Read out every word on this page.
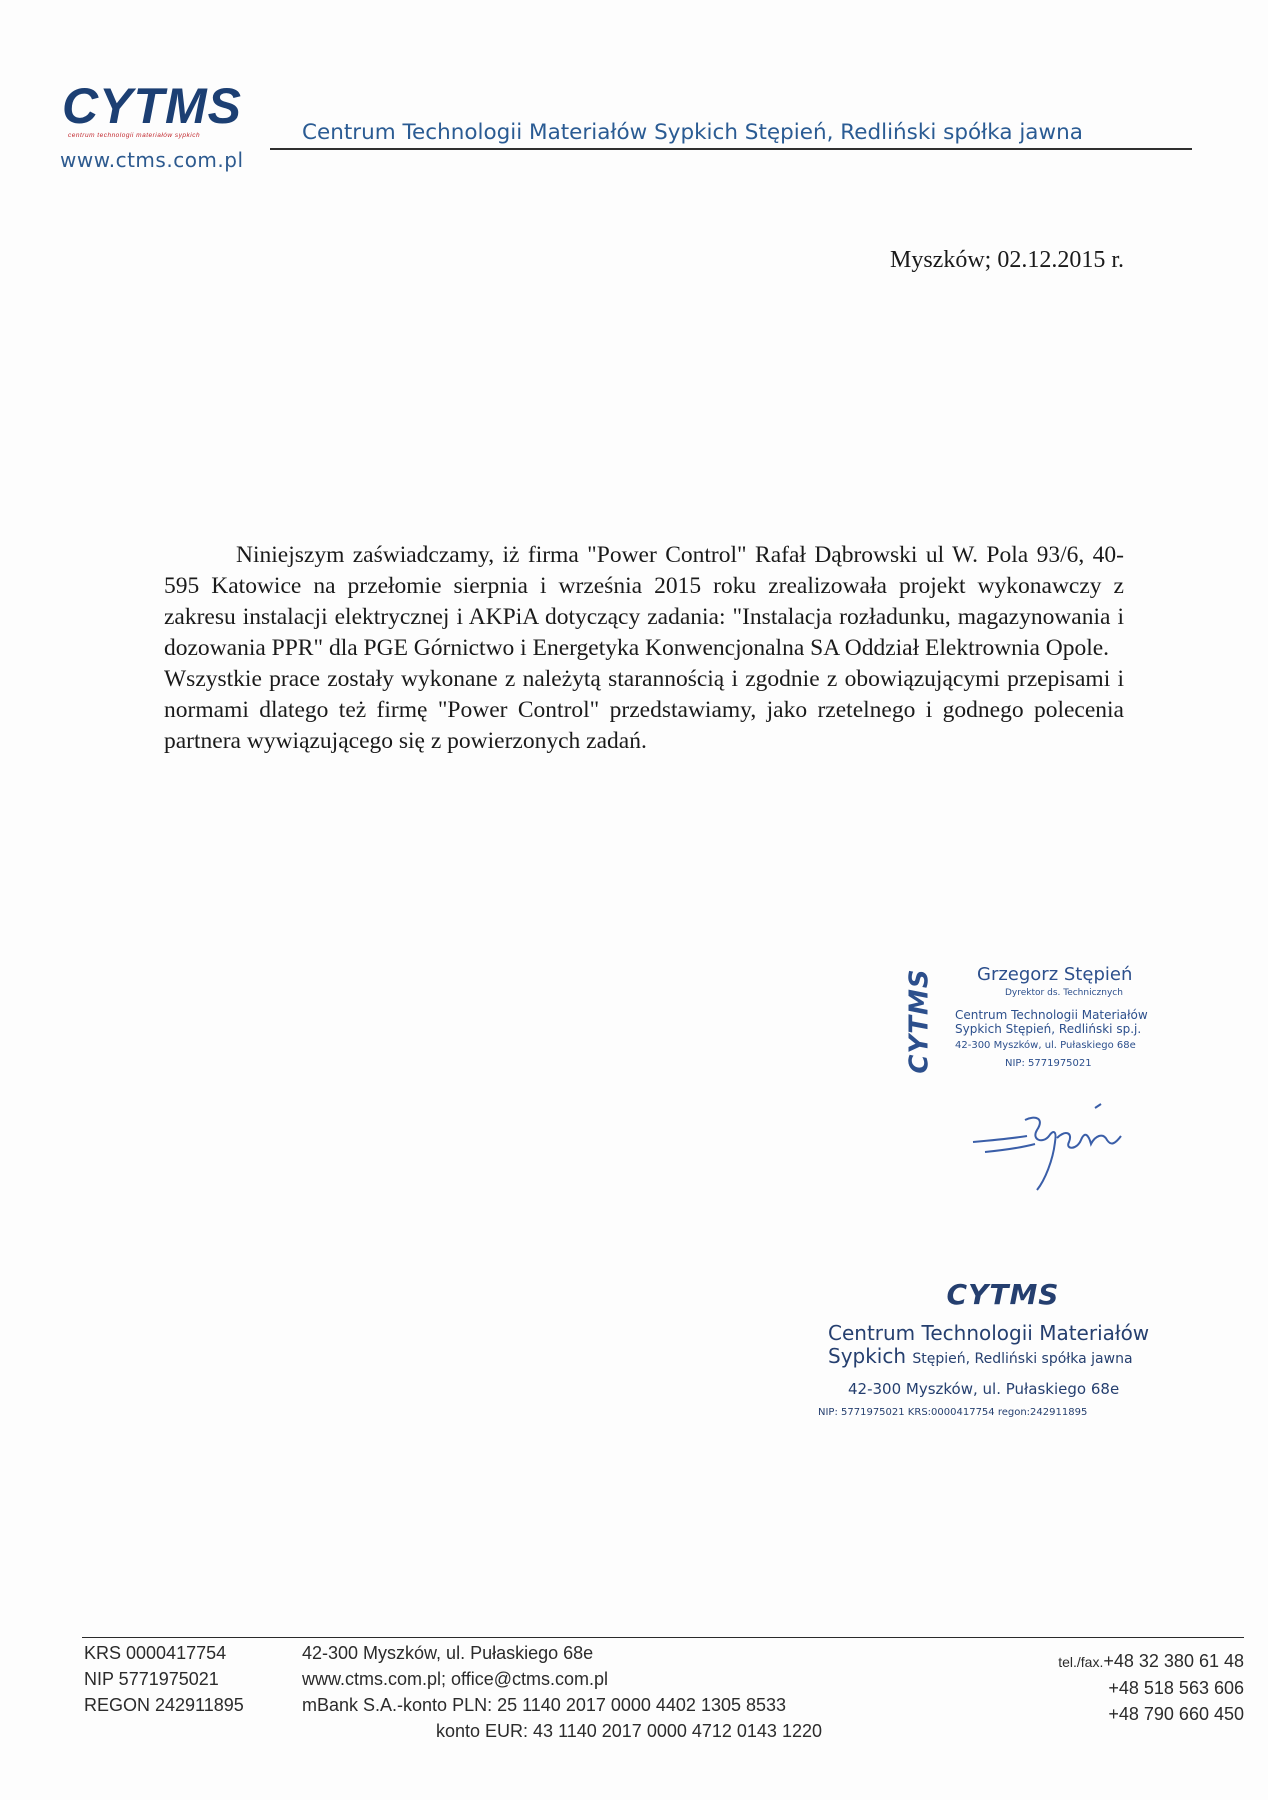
CYTMS
centrum technologii materiałów sypkich
www.ctms.com.pl
Centrum Technologii Materiałów Sypkich Stępień, Redliński spółka jawna
Myszków; 02.12.2015 r.

Niniejszym zaświadczamy, iż firma "Power Control" Rafał Dąbrowski ul W. Pola 93/6, 40-595 Katowice na przełomie sierpnia i września 2015 roku zrealizowała projekt wykonawczy z zakresu instalacji elektrycznej i AKPiA dotyczący zadania: "Instalacja rozładunku, magazynowania i dozowania PPR" dla PGE Górnictwo i Energetyka Konwencjonalna SA Oddział Elektrownia Opole.

Wszystkie prace zostały wykonane z należytą starannością i zgodnie z obowiązującymi przepisami i normami dlatego też firmę "Power Control" przedstawiamy, jako rzetelnego i godnego polecenia partnera wywiązującego się z powierzonych zadań.

CYTMS Grzegorz Stępień
Dyrektor ds. Technicznych
Centrum Technologii Materiałów
Sypkich Stępień, Redliński sp.j.
42-300 Myszków, ul. Pułaskiego 68e
NIP: 5771975021
CYTMS
Centrum Technologii Materiałów
Sypkich Stępień, Redliński spółka jawna
42-300 Myszków, ul. Pułaskiego 68e
NIP: 5771975021 KRS:0000417754 regon:242911895
KRS 0000417754
NIP 5771975021
REGON 242911895
42-300 Myszków, ul. Pułaskiego 68e
www.ctms.com.pl; office@ctms.com.pl
mBank S.A.-konto PLN: 25 1140 2017 0000 4402 1305 8533
konto EUR: 43 1140 2017 0000 4712 0143 1220
tel./fax.+48 32 380 61 48
+48 518 563 606
+48 790 660 450
